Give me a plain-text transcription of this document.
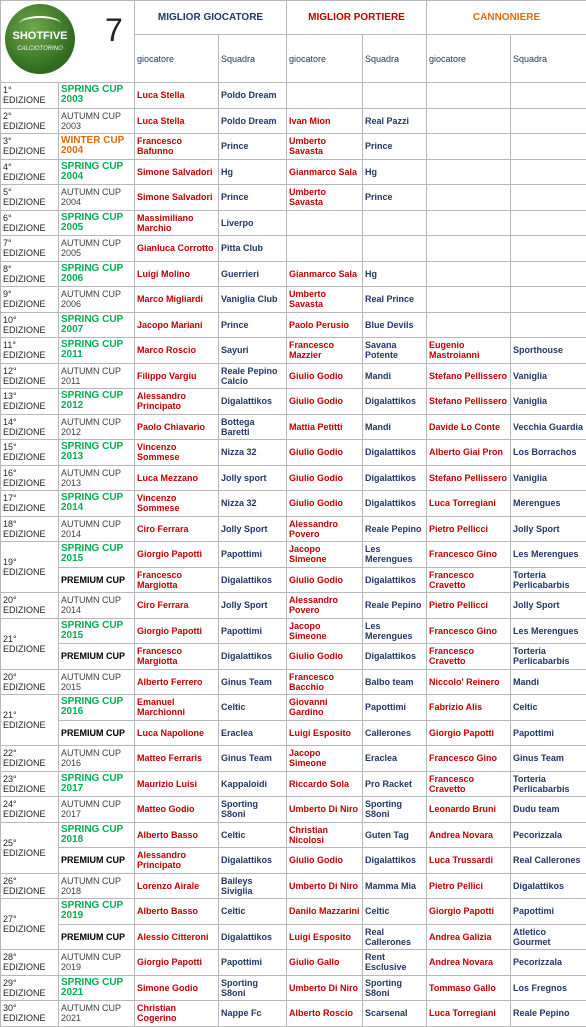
SHOTFIVE
CALCIOTORINO
7		MIGLIOR GIOCATORE		MIGLIOR PORTIERE		CANNONIERE	
		giocatore	Squadra	giocatore	Squadra	giocatore	Squadra
1° EDIZIONE	SPRING CUP 2003	Luca Stella	Poldo Dream				
2° EDIZIONE	AUTUMN CUP 2003	Luca Stella	Poldo Dream	Ivan Mion	Real Pazzi		
3° EDIZIONE	WINTER CUP 2004	Francesco Bafunno	Prince	Umberto Savasta	Prince		
4° EDIZIONE	SPRING CUP 2004	Simone Salvadori	Hg	Gianmarco Sala	Hg		
5° EDIZIONE	AUTUMN CUP 2004	Simone Salvadori	Prince	Umberto Savasta	Prince		
6° EDIZIONE	SPRING CUP 2005	Massimiliano Marchio	Liverpo				
7° EDIZIONE	AUTUMN CUP 2005	Gianluca Corrotto	Pitta Club				
8° EDIZIONE	SPRING CUP 2006	Luigi Molino	Guerrieri	Gianmarco Sala	Hg		
9° EDIZIONE	AUTUMN CUP 2006	Marco Migliardi	Vaniglia Club	Umberto Savasta	Real Prince		
10° EDIZIONE	SPRING CUP 2007	Jacopo Mariani	Prince	Paolo Perusio	Blue Devils		
11° EDIZIONE	SPRING CUP 2011	Marco Roscio	Sayuri	Francesco Mazzier	Savana Potente	Eugenio Mastroianni	Sporthouse
12° EDIZIONE	AUTUMN CUP 2011	Filippo Vargiu	Reale Pepino Calcio	Giulio Godio	Mandi	Stefano Pellissero	Vaniglia
13° EDIZIONE	SPRING CUP 2012	Alessandro Principato	Digalattikos	Giulio Godio	Digalattikos	Stefano Pellissero	Vaniglia
14° EDIZIONE	AUTUMN CUP 2012	Paolo Chiavario	Bottega Baretti	Mattia Petitti	Mandi	Davide Lo Conte	Vecchia Guardia
15° EDIZIONE	SPRING CUP 2013	Vincenzo Sommese	Nizza 32	Giulio Godio	Digalattikos	Alberto Giai Pron	Los Borrachos
16° EDIZIONE	AUTUMN CUP 2013	Luca Mezzano	Jolly sport	Giulio Godio	Digalattikos	Stefano Pellissero	Vaniglia
17° EDIZIONE	SPRING CUP 2014	Vincenzo Sommese	Nizza 32	Giulio Godio	Digalattikos	Luca Torregiani	Merengues
18° EDIZIONE	AUTUMN CUP 2014	Ciro Ferrara	Jolly Sport	Alessandro Povero	Reale Pepino	Pietro Pellicci	Jolly Sport
19° EDIZIONE	SPRING CUP 2015	Giorgio Papotti	Papottimi	Jacopo Simeone	Les Merengues	Francesco Gino	Les Merengues
	PREMIUM CUP	Francesco Margiotta	Digalattikos	Giulio Godio	Digalattikos	Francesco Cravetto	Torteria Perlicabarbis
20° EDIZIONE	AUTUMN CUP 2014	Ciro Ferrara	Jolly Sport	Alessandro Povero	Reale Pepino	Pietro Pellicci	Jolly Sport
21° EDIZIONE	SPRING CUP 2015	Giorgio Papotti	Papottimi	Jacopo Simeone	Les Merengues	Francesco Gino	Les Merengues
	PREMIUM CUP	Francesco Margiotta	Digalattikos	Giulio Godio	Digalattikos	Francesco Cravetto	Torteria Perlicabarbis
20° EDIZIONE	AUTUMN CUP 2015	Alberto Ferrero	Ginus Team	Francesco Bacchio	Balbo team	Niccolo' Reinero	Mandi
21° EDIZIONE	SPRING CUP 2016	Emanuel Marchionni	Celtic	Giovanni Gardino	Papottimi	Fabrizio Alis	Celtic
	PREMIUM CUP	Luca Napolione	Eraclea	Luigi Esposito	Callerones	Giorgio Papotti	Papottimi
22° EDIZIONE	AUTUMN CUP 2016	Matteo Ferraris	Ginus Team	Jacopo Simeone	Eraclea	Francesco Gino	Ginus Team
23° EDIZIONE	SPRING CUP 2017	Maurizio Luisi	Kappaloidi	Riccardo Sola	Pro Racket	Francesco Cravetto	Torteria Perlicabarbis
24° EDIZIONE	AUTUMN CUP 2017	Matteo Godio	Sporting S8oni	Umberto Di Niro	Sporting S8oni	Leonardo Bruni	Dudu team
25° EDIZIONE	SPRING CUP 2018	Alberto Basso	Celtic	Christian Nicolosi	Guten Tag	Andrea Novara	Pecorizzala
	PREMIUM CUP	Alessandro Principato	Digalattikos	Giulio Godio	Digalattikos	Luca Trussardi	Real Callerones
26° EDIZIONE	AUTUMN CUP 2018	Lorenzo Airale	Baileys Siviglia	Umberto Di Niro	Mamma Mia	Pietro Pellici	Digalattikos
27° EDIZIONE	SPRING CUP 2019	Alberto Basso	Celtic	Danilo Mazzarini	Celtic	Giorgio Papotti	Papottimi
	PREMIUM CUP	Alessio Citteroni	Digalattikos	Luigi Esposito	Real Callerones	Andrea Galizia	Atletico Gourmet
28° EDIZIONE	AUTUMN CUP 2019	Giorgio Papotti	Papottimi	Giulio Gallo	Rent Esclusive	Andrea Novara	Pecorizzala
29° EDIZIONE	SPRING CUP 2021	Simone Godio	Sporting S8oni	Umberto Di Niro	Sporting S8oni	Tommaso Gallo	Los Fregnos
30° EDIZIONE	AUTUMN CUP 2021	Christian Cogerino	Nappe Fc	Alberto Roscio	Scarsenal	Luca Torregiani	Reale Pepino
